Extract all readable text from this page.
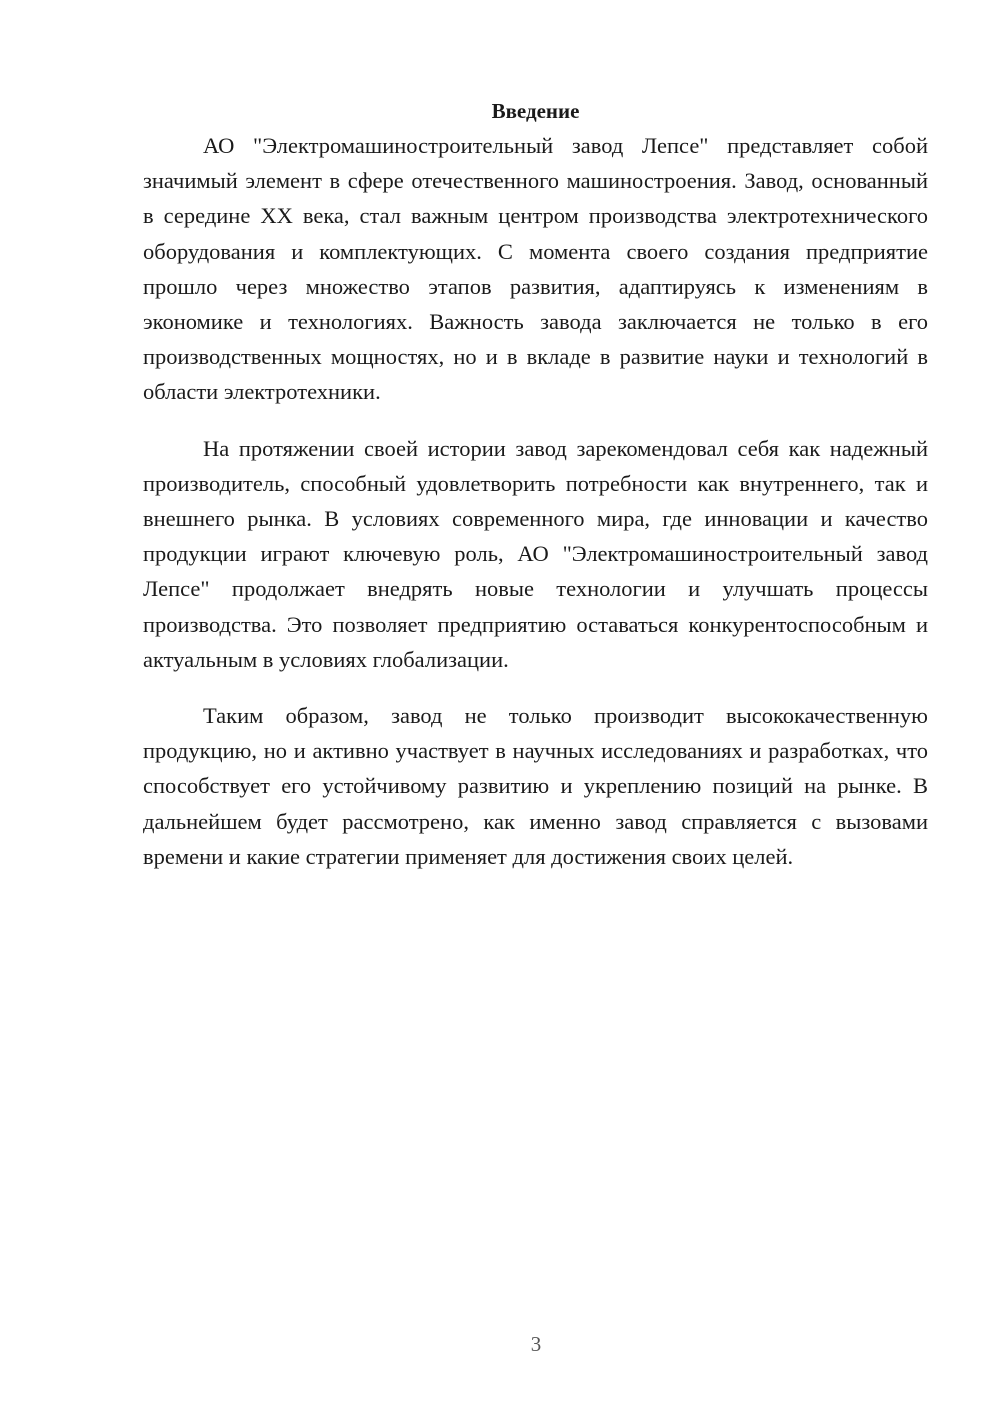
Введение

АО "Электромашиностроительный завод Лепсе" представляет собой значимый элемент в сфере отечественного машиностроения. Завод, основанный в середине XX века, стал важным центром производства электротехнического оборудования и комплектующих. С момента своего создания предприятие прошло через множество этапов развития, адаптируясь к изменениям в экономике и технологиях. Важность завода заключается не только в его производственных мощностях, но и в вкладе в развитие науки и технологий в области электротехники.

На протяжении своей истории завод зарекомендовал себя как надежный производитель, способный удовлетворить потребности как внутреннего, так и внешнего рынка. В условиях современного мира, где инновации и качество продукции играют ключевую роль, АО "Электромашиностроительный завод Лепсе" продолжает внедрять новые технологии и улучшать процессы производства. Это позволяет предприятию оставаться конкурентоспособным и актуальным в условиях глобализации.

Таким образом, завод не только производит высококачественную продукцию, но и активно участвует в научных исследованиях и разработках, что способствует его устойчивому развитию и укреплению позиций на рынке. В дальнейшем будет рассмотрено, как именно завод справляется с вызовами времени и какие стратегии применяет для достижения своих целей.

3
